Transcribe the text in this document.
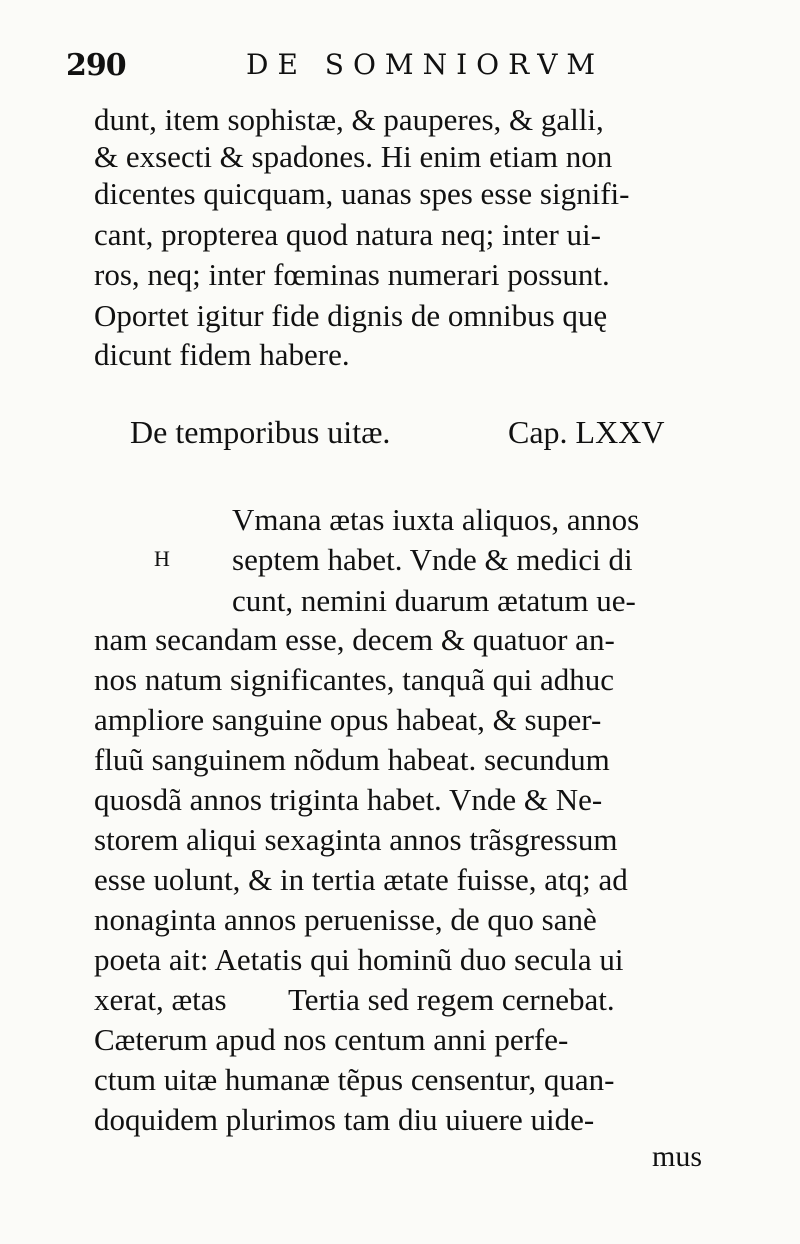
290	DE SOMNIORVM
dunt, item sophistæ, & pauperes, & galli,
& exsecti & spadones. Hi enim etiam non
dicentes quicquam, uanas spes esse signifi-
cant, propterea quod natura neq; inter ui-
ros, neq; inter fœminas numerari possunt.
Oportet igitur fide dignis de omnibus quę
dicunt fidem habere.
De temporibus uitæ.	Cap. LXXV
H
Vmana ætas iuxta aliquos, annos
septem habet. Vnde & medici di
cunt, nemini duarum ætatum ue-
nam secandam esse, decem & quatuor an-
nos natum significantes, tanquã qui adhuc
ampliore sanguine opus habeat, & super-
fluũ sanguinem nõdum habeat. secundum
quosdã annos triginta habet. Vnde & Ne-
storem aliqui sexaginta annos trãsgressum
esse uolunt, & in tertia ætate fuisse, atq; ad
nonaginta annos peruenisse, de quo sanè
poeta ait: Aetatis qui hominũ duo secula ui
xerat, ætas        Tertia sed regem cernebat.
Cæterum apud nos centum anni perfe-
ctum uitæ humanæ tẽpus censentur, quan-
doquidem plurimos tam diu uiuere uide-
mus
